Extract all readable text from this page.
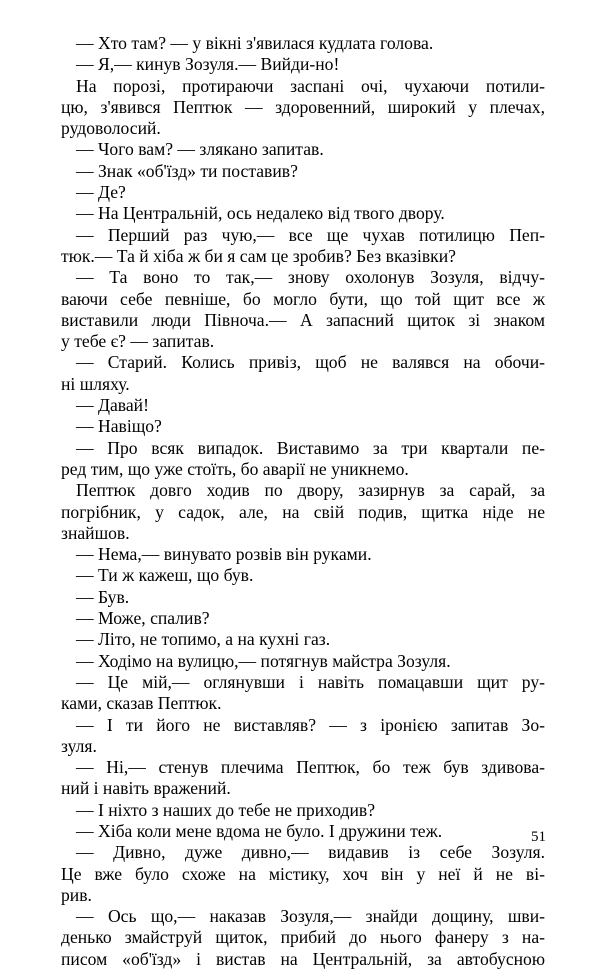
— Хто там? — у вікні з'явилася кудлата голова.
— Я,— кинув Зозуля.— Вийди-но!
На порозі, протираючи заспані очі, чухаючи потили-
цю, з'явився Пептюк — здоровенний, широкий у плечах,
рудоволосий.
— Чого вам? — злякано запитав.
— Знак «об'їзд» ти поставив?
— Де?
— На Центральній, ось недалеко від твого двору.
— Перший раз чую,— все ще чухав потилицю Пеп-
тюк.— Та й хіба ж би я сам це зробив? Без вказівки?
— Та воно то так,— знову охолонув Зозуля, відчу-
ваючи себе певніше, бо могло бути, що той щит все ж
виставили люди Півноча.— А запасний щиток зі знаком
у тебе є? — запитав.
— Старий. Колись привіз, щоб не валявся на обочи-
ні шляху.
— Давай!
— Навіщо?
— Про всяк випадок. Виставимо за три квартали пе-
ред тим, що уже стоїть, бо аварії не уникнемо.
Пептюк довго ходив по двору, зазирнув за сарай, за
погрібник, у садок, але, на свій подив, щитка ніде не
знайшов.
— Нема,— винувато розвів він руками.
— Ти ж кажеш, що був.
— Був.
— Може, спалив?
— Літо, не топимо, а на кухні газ.
— Ходімо на вулицю,— потягнув майстра Зозуля.
— Це мій,— оглянувши і навіть помацавши щит ру-
ками, сказав Пептюк.
— І ти його не виставляв? — з іронією запитав Зо-
зуля.
— Ні,— стенув плечима Пептюк, бо теж був здивова-
ний і навіть вражений.
— І ніхто з наших до тебе не приходив?
— Хіба коли мене вдома не було. І дружини теж.
— Дивно, дуже дивно,— видавив із себе Зозуля.
Це вже було схоже на містику, хоч він у неї й не ві-
рив.
— Ось що,— наказав Зозуля,— знайди дощину, шви-
денько змайструй щиток, прибий до нього фанеру з на-
писом «об'їзд» і вистав на Центральній, за автобусною
51
